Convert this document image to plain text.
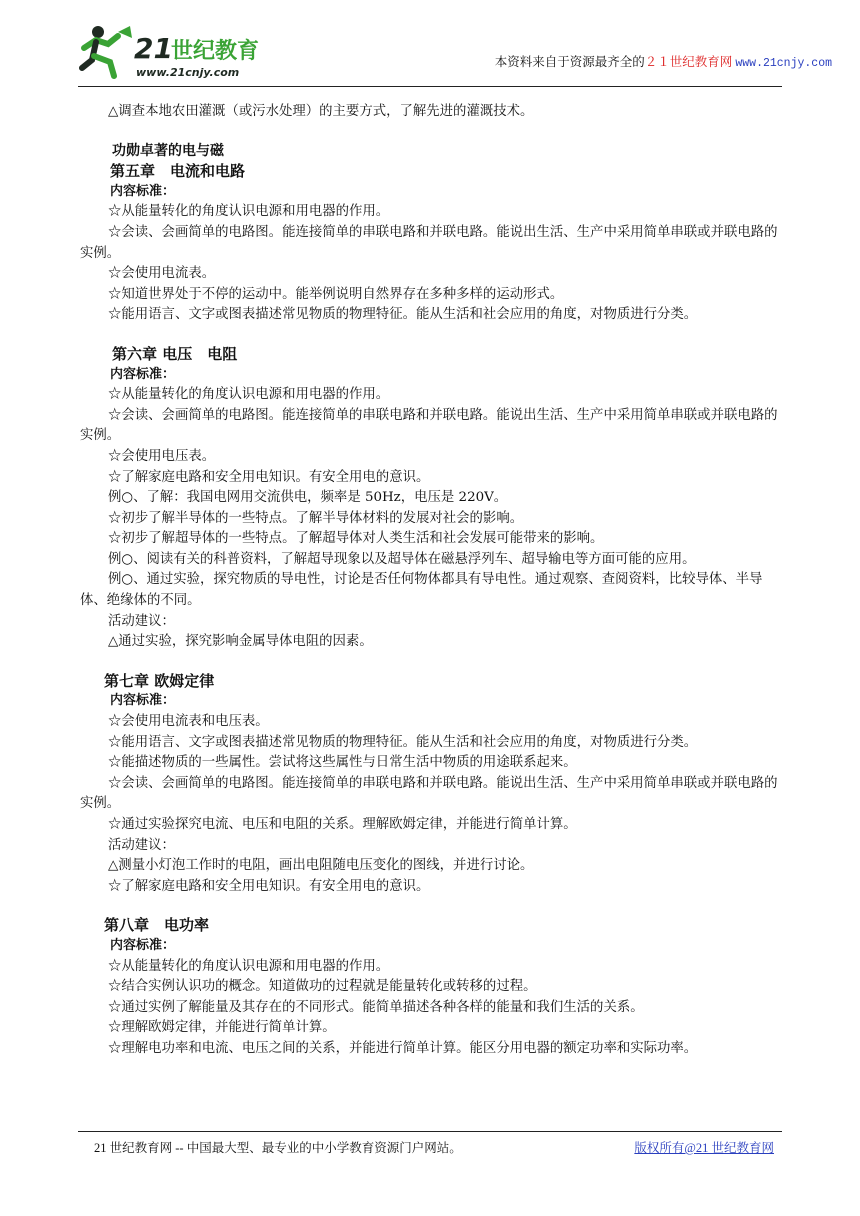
21
世纪教育
www.21cnjy.com
本资料来自于资源最齐全的２１世纪教育网 www.21cnjy.com

△调查本地农田灌溉（或污水处理）的主要方式，了解先进的灌溉技术。

功勋卓著的电与磁

第五章　电流和电路

内容标准：

☆从能量转化的角度认识电源和用电器的作用。

☆会读、会画简单的电路图。能连接简单的串联电路和并联电路。能说出生活、生产中采用简单串联或并联电路的实例。

☆会使用电流表。

☆知道世界处于不停的运动中。能举例说明自然界存在多种多样的运动形式。

☆能用语言、文字或图表描述常见物质的物理特征。能从生活和社会应用的角度，对物质进行分类。

第六章 电压　电阻

内容标准：

☆从能量转化的角度认识电源和用电器的作用。

☆会读、会画简单的电路图。能连接简单的串联电路和并联电路。能说出生活、生产中采用简单串联或并联电路的实例。

☆会使用电压表。

☆了解家庭电路和安全用电知识。有安全用电的意识。

例○、了解：我国电网用交流供电，频率是 50Hz，电压是 220V。

☆初步了解半导体的一些特点。了解半导体材料的发展对社会的影响。

☆初步了解超导体的一些特点。了解超导体对人类生活和社会发展可能带来的影响。

例○、阅读有关的科普资料，了解超导现象以及超导体在磁悬浮列车、超导输电等方面可能的应用。

例○、通过实验，探究物质的导电性，讨论是否任何物体都具有导电性。通过观察、查阅资料，比较导体、半导体、绝缘体的不同。

活动建议：

△通过实验，探究影响金属导体电阻的因素。

第七章 欧姆定律

内容标准：

☆会使用电流表和电压表。

☆能用语言、文字或图表描述常见物质的物理特征。能从生活和社会应用的角度，对物质进行分类。

☆能描述物质的一些属性。尝试将这些属性与日常生活中物质的用途联系起来。

☆会读、会画简单的电路图。能连接简单的串联电路和并联电路。能说出生活、生产中采用简单串联或并联电路的实例。

☆通过实验探究电流、电压和电阻的关系。理解欧姆定律，并能进行简单计算。

活动建议：

△测量小灯泡工作时的电阻，画出电阻随电压变化的图线，并进行讨论。

☆了解家庭电路和安全用电知识。有安全用电的意识。

第八章　电功率

内容标准：

☆从能量转化的角度认识电源和用电器的作用。

☆结合实例认识功的概念。知道做功的过程就是能量转化或转移的过程。

☆通过实例了解能量及其存在的不同形式。能简单描述各种各样的能量和我们生活的关系。

☆理解欧姆定律，并能进行简单计算。

☆理解电功率和电流、电压之间的关系，并能进行简单计算。能区分用电器的额定功率和实际功率。

21 世纪教育网 -- 中国最大型、最专业的中小学教育资源门户网站。	版权所有@21 世纪教育网
